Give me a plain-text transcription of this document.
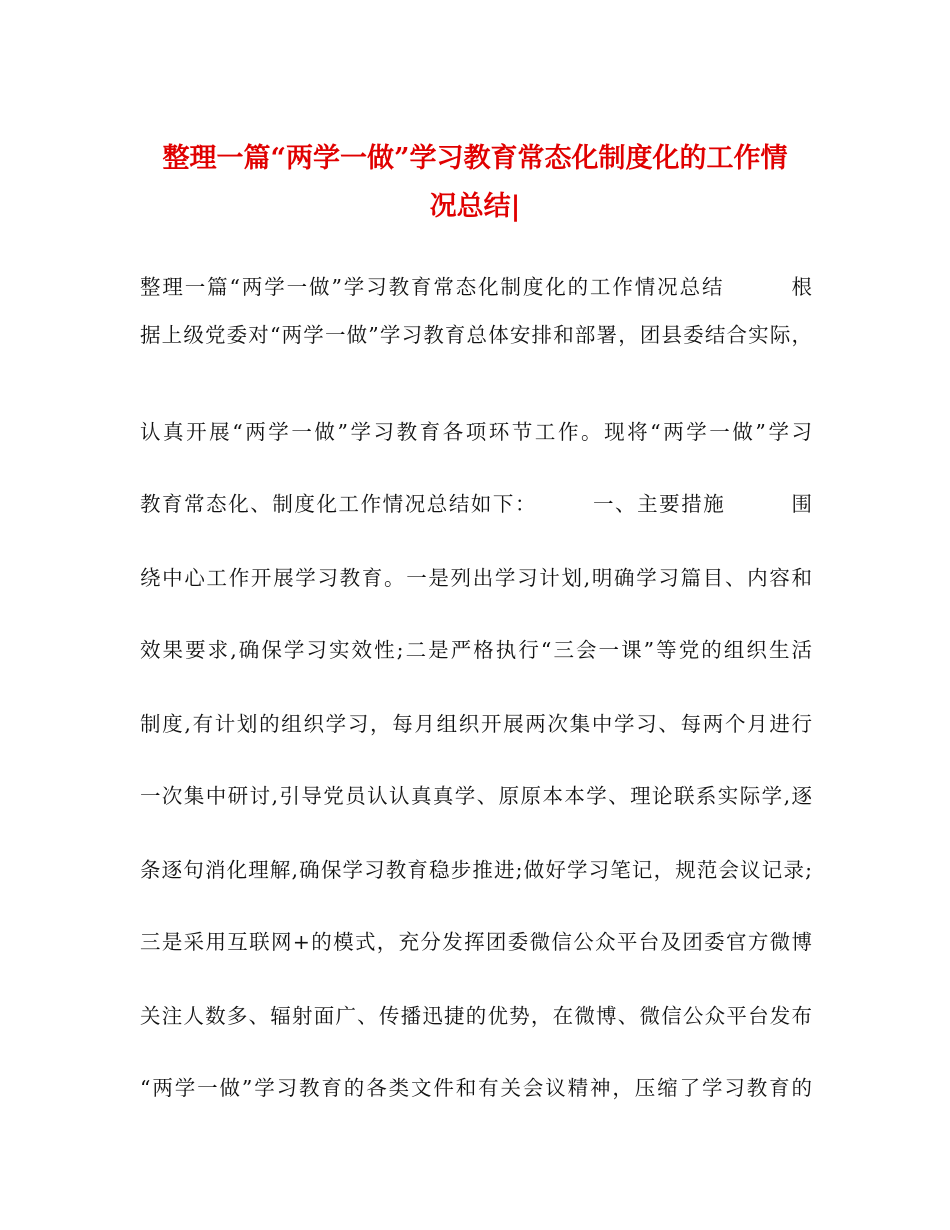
整理一篇“两学一做”学习教育常态化制度化的工作情
况总结|
整理一篇“两学一做”学习教育常态化制度化的工作情况总结　　　根
据上级党委对“两学一做”学习教育总体安排和部署，团县委结合实际，
认真开展“两学一做”学习教育各项环节工作。现将“两学一做”学习
教育常态化、制度化工作情况总结如下：　　　一、主要措施　　　围
绕中心工作开展学习教育。一是列出学习计划,明确学习篇目、内容和
效果要求,确保学习实效性;二是严格执行“三会一课”等党的组织生活
制度,有计划的组织学习，每月组织开展两次集中学习、每两个月进行
一次集中研讨,引导党员认认真真学、原原本本学、理论联系实际学,逐
条逐句消化理解,确保学习教育稳步推进;做好学习笔记，规范会议记录;
三是采用互联网+的模式，充分发挥团委微信公众平台及团委官方微博
关注人数多、辐射面广、传播迅捷的优势，在微博、微信公众平台发布
“两学一做”学习教育的各类文件和有关会议精神，压缩了学习教育的
